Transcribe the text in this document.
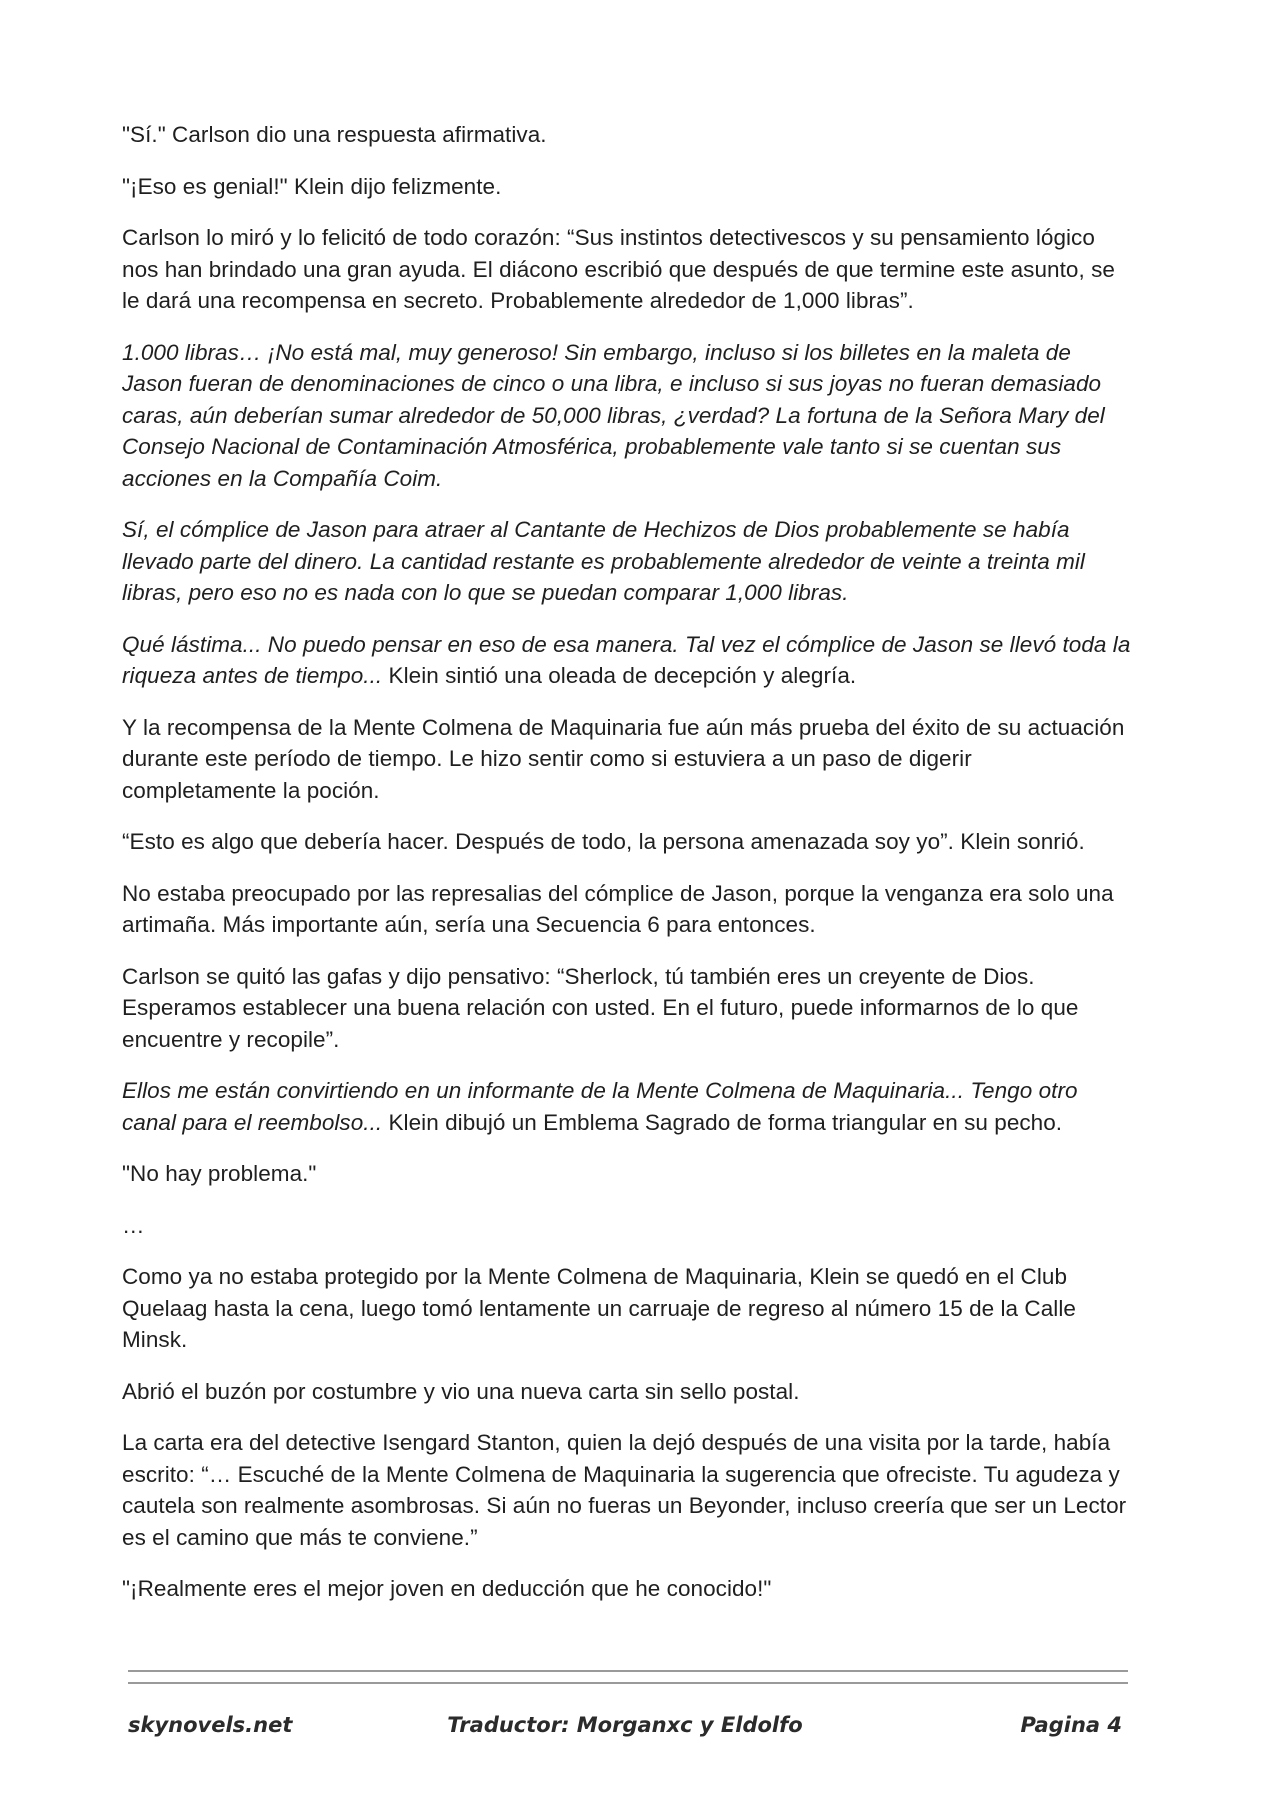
"Sí." Carlson dio una respuesta afirmativa.

"¡Eso es genial!" Klein dijo felizmente.

Carlson lo miró y lo felicitó de todo corazón: “Sus instintos detectivescos y su pensamiento lógico nos han brindado una gran ayuda. El diácono escribió que después de que termine este asunto, se le dará una recompensa en secreto. Probablemente alrededor de 1,000 libras”.

1.000 libras… ¡No está mal, muy generoso! Sin embargo, incluso si los billetes en la maleta de Jason fueran de denominaciones de cinco o una libra, e incluso si sus joyas no fueran demasiado caras, aún deberían sumar alrededor de 50,000 libras, ¿verdad? La fortuna de la Señora Mary del Consejo Nacional de Contaminación Atmosférica, probablemente vale tanto si se cuentan sus acciones en la Compañía Coim.

Sí, el cómplice de Jason para atraer al Cantante de Hechizos de Dios probablemente se había llevado parte del dinero. La cantidad restante es probablemente alrededor de veinte a treinta mil libras, pero eso no es nada con lo que se puedan comparar 1,000 libras.

Qué lástima... No puedo pensar en eso de esa manera. Tal vez el cómplice de Jason se llevó toda la riqueza antes de tiempo... Klein sintió una oleada de decepción y alegría.

Y la recompensa de la Mente Colmena de Maquinaria fue aún más prueba del éxito de su actuación durante este período de tiempo. Le hizo sentir como si estuviera a un paso de digerir completamente la poción.

“Esto es algo que debería hacer. Después de todo, la persona amenazada soy yo”. Klein sonrió.

No estaba preocupado por las represalias del cómplice de Jason, porque la venganza era solo una artimaña. Más importante aún, sería una Secuencia 6 para entonces.

Carlson se quitó las gafas y dijo pensativo: “Sherlock, tú también eres un creyente de Dios. Esperamos establecer una buena relación con usted. En el futuro, puede informarnos de lo que encuentre y recopile”.

Ellos me están convirtiendo en un informante de la Mente Colmena de Maquinaria... Tengo otro canal para el reembolso... Klein dibujó un Emblema Sagrado de forma triangular en su pecho.

"No hay problema."

…

Como ya no estaba protegido por la Mente Colmena de Maquinaria, Klein se quedó en el Club Quelaag hasta la cena, luego tomó lentamente un carruaje de regreso al número 15 de la Calle Minsk.

Abrió el buzón por costumbre y vio una nueva carta sin sello postal.

La carta era del detective Isengard Stanton, quien la dejó después de una visita por la tarde, había escrito: “… Escuché de la Mente Colmena de Maquinaria la sugerencia que ofreciste. Tu agudeza y cautela son realmente asombrosas. Si aún no fueras un Beyonder, incluso creería que ser un Lector es el camino que más te conviene.”

"¡Realmente eres el mejor joven en deducción que he conocido!"

skynovels.net	Traductor: Morganxc y Eldolfo	Pagina 4
